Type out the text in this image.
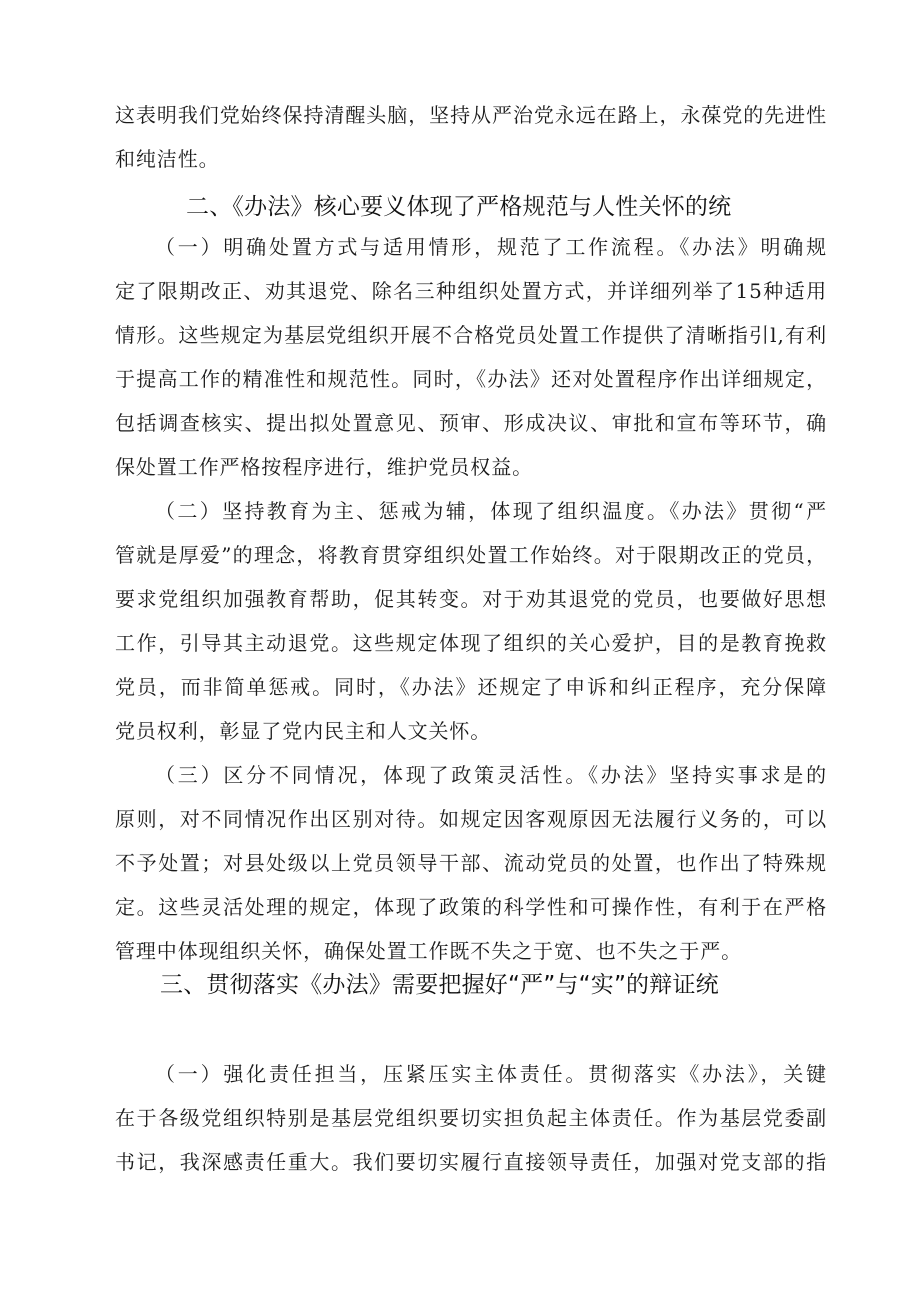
这表明我们党始终保持清醒头脑，坚持从严治党永远在路上，永葆党的先进性
和纯洁性。
二、《办法》核心要义体现了严格规范与人性关怀的统
（一）明确处置方式与适用情形，规范了工作流程。《办法》明确规
定了限期改正、劝其退党、除名三种组织处置方式，并详细列举了15种适用
情形。这些规定为基层党组织开展不合格党员处置工作提供了清晰指引l,有利
于提高工作的精准性和规范性。同时，《办法》还对处置程序作出详细规定，
包括调查核实、提出拟处置意见、预审、形成决议、审批和宣布等环节，确
保处置工作严格按程序进行，维护党员权益。
（二）坚持教育为主、惩戒为辅，体现了组织温度。《办法》贯彻“严
管就是厚爱”的理念，将教育贯穿组织处置工作始终。对于限期改正的党员，
要求党组织加强教育帮助，促其转变。对于劝其退党的党员，也要做好思想
工作，引导其主动退党。这些规定体现了组织的关心爱护，目的是教育挽救
党员，而非简单惩戒。同时，《办法》还规定了申诉和纠正程序，充分保障
党员权利，彰显了党内民主和人文关怀。
（三）区分不同情况，体现了政策灵活性。《办法》坚持实事求是的
原则，对不同情况作出区别对待。如规定因客观原因无法履行义务的，可以
不予处置；对县处级以上党员领导干部、流动党员的处置，也作出了特殊规
定。这些灵活处理的规定，体现了政策的科学性和可操作性，有利于在严格
管理中体现组织关怀，确保处置工作既不失之于宽、也不失之于严。
三、贯彻落实《办法》需要把握好“严”与“实”的辩证统
（一）强化责任担当，压紧压实主体责任。贯彻落实《办法》，关键
在于各级党组织特别是基层党组织要切实担负起主体责任。作为基层党委副
书记，我深感责任重大。我们要切实履行直接领导责任，加强对党支部的指
